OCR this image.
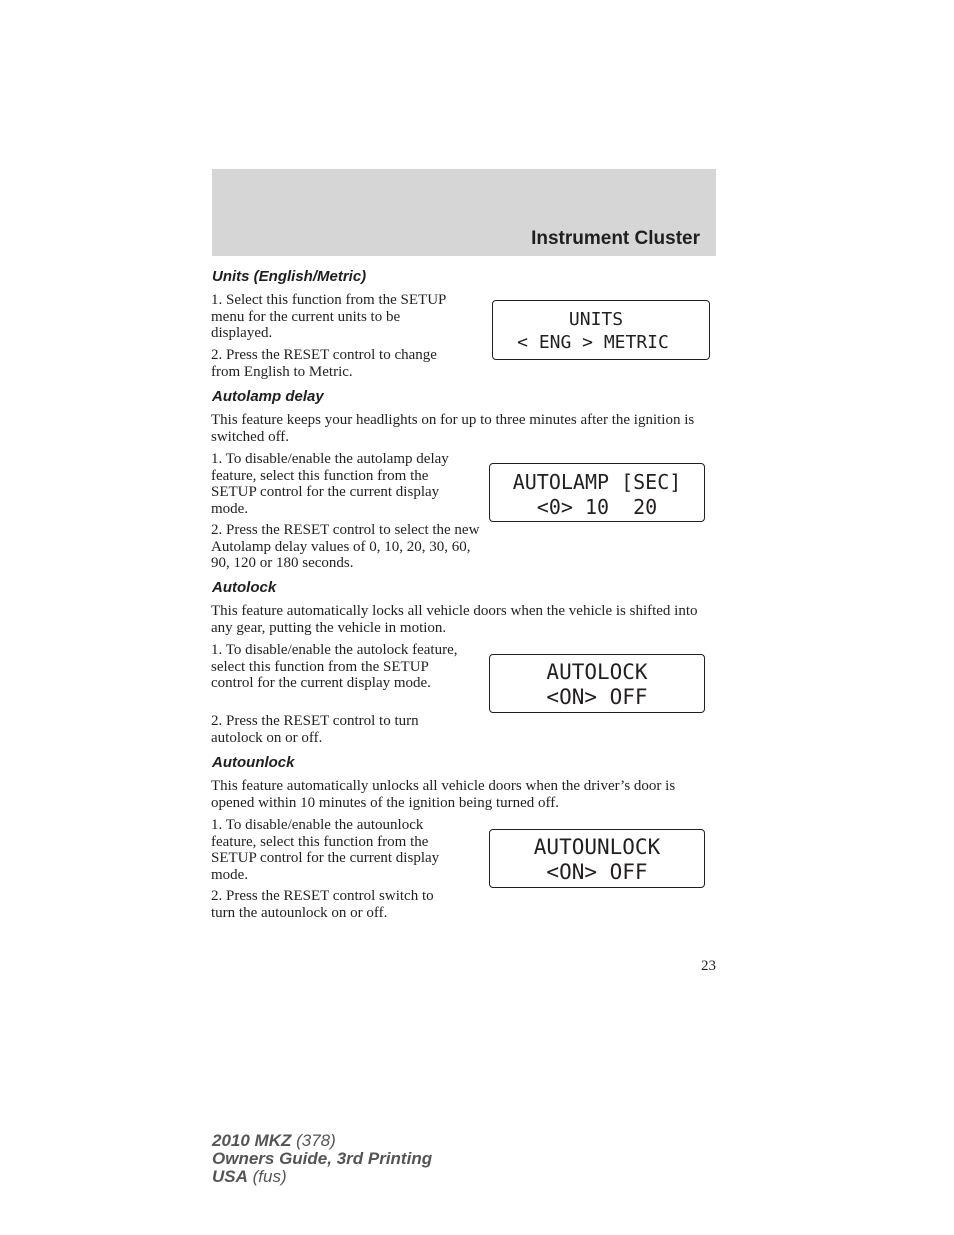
Instrument Cluster
Units (English/Metric)
1. Select this function from the SETUP menu for the current units to be displayed.
2. Press the RESET control to change from English to Metric.
UNITS
< ENG > METRIC
Autolamp delay
This feature keeps your headlights on for up to three minutes after the ignition is switched off.
1. To disable/enable the autolamp delay feature, select this function from the SETUP control for the current display mode.
2. Press the RESET control to select the new Autolamp delay values of 0, 10, 20, 30, 60, 90, 120 or 180 seconds.
AUTOLAMP [SEC]
<0> 10  20
Autolock
This feature automatically locks all vehicle doors when the vehicle is shifted into any gear, putting the vehicle in motion.
1. To disable/enable the autolock feature, select this function from the SETUP control for the current display mode.
2. Press the RESET control to turn autolock on or off.
AUTOLOCK
<ON> OFF
Autounlock
This feature automatically unlocks all vehicle doors when the driver’s door is opened within 10 minutes of the ignition being turned off.
1. To disable/enable the autounlock feature, select this function from the SETUP control for the current display mode.
2. Press the RESET control switch to turn the autounlock on or off.
AUTOUNLOCK
<ON> OFF
23
2010 MKZ (378)
Owners Guide, 3rd Printing
USA (fus)
